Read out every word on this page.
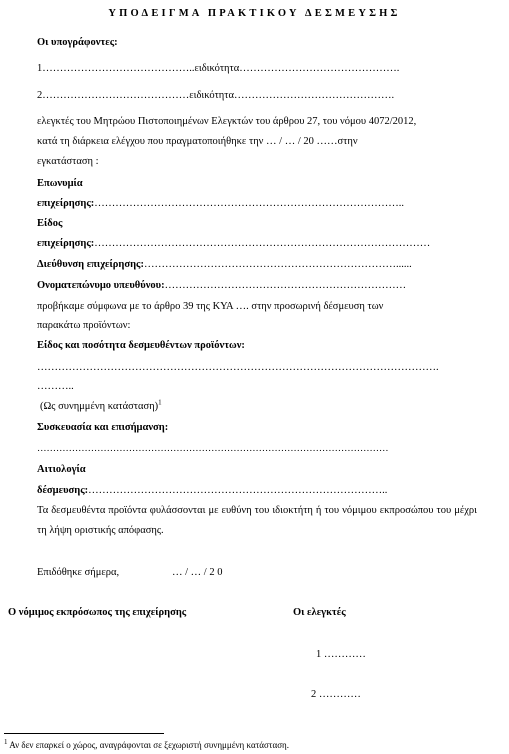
ΥΠΟΔΕΙΓΜΑ ΠΡΑΚΤΙΚΟΥ ΔΕΣΜΕΥΣΗΣ
Οι υπογράφοντες:
1……………………………………..ειδικότητα……………………………………….
2……………………………………ειδικότητα……………………………………….
ελεγκτές του Μητρώου Πιστοποιημένων Ελεγκτών του άρθρου 27, του νόμου 4072/2012,
κατά τη διάρκεια ελέγχου που πραγματοποιήθηκε την … / … / 20 ……στην
εγκατάσταση :
Επωνυμία
επιχείρησης:……………………………………………………………………………..
Είδος
επιχείρησης:……………………………………………………………………………………
Διεύθυνση επιχείρησης:………………………………………………………………......
Ονοματεπώνυμο υπευθύνου:……………………………………………………………
προβήκαμε σύμφωνα με το άρθρο 39 της ΚΥΑ …. στην προσωρινή δέσμευση των
παρακάτω προϊόντων:
Είδος και ποσότητα δεσμευθέντων προϊόντων:
…………………………………………………………………………………………………….
………..
(Ως συνημμένη κατάσταση)$^1$
Συσκευασία και επισήμανση:
…………………………………………………………………………………………………
Αιτιολογία
δέσμευσης:…………………………………………………………………………..
Τα δεσμευθέντα προϊόντα φυλάσσονται με ευθύνη του ιδιοκτήτη ή του νόμιμου εκπροσώπου του μέχρι τη λήψη οριστικής απόφασης.
Επιδόθηκε σήμερα,	… / … / 2 0
Ο νόμιμος εκπρόσωπος της επιχείρησης	Οι ελεγκτές
1 …………
2 …………
$^1$ Αν δεν επαρκεί ο χώρος, αναγράφονται σε ξεχωριστή συνημμένη κατάσταση.
